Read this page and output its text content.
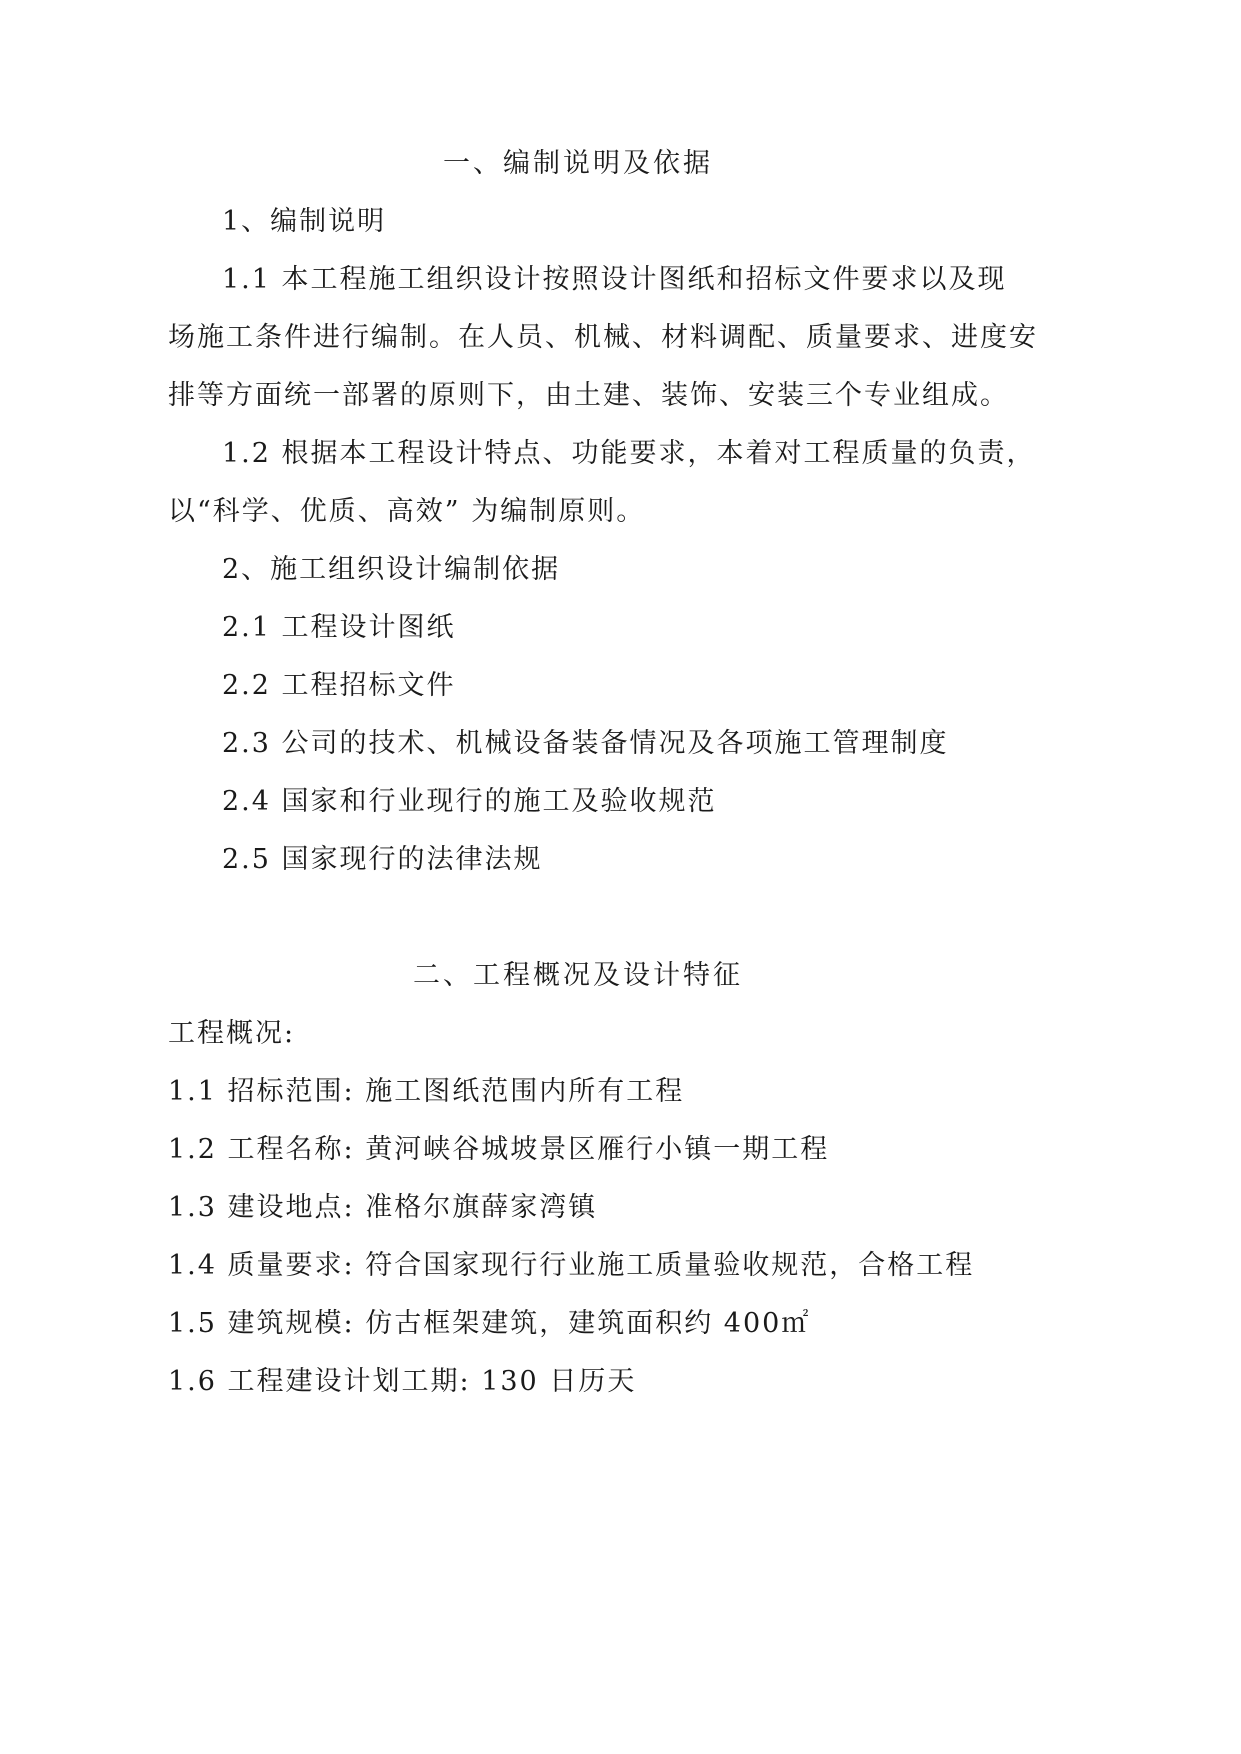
一、编制说明及依据
1、编制说明
1.1 本工程施工组织设计按照设计图纸和招标文件要求以及现
场施工条件进行编制。在人员、机械、材料调配、质量要求、进度安
排等方面统一部署的原则下，由土建、装饰、安装三个专业组成。
1.2 根据本工程设计特点、功能要求，本着对工程质量的负责，
以“科学、优质、高效” 为编制原则。
2、施工组织设计编制依据
2.1 工程设计图纸
2.2 工程招标文件
2.3 公司的技术、机械设备装备情况及各项施工管理制度
2.4 国家和行业现行的施工及验收规范
2.5 国家现行的法律法规
二、工程概况及设计特征
工程概况:
1.1 招标范围: 施工图纸范围内所有工程
1.2 工程名称: 黄河峡谷城坡景区雁行小镇一期工程
1.3 建设地点: 准格尔旗薛家湾镇
1.4 质量要求: 符合国家现行行业施工质量验收规范，合格工程
1.5 建筑规模: 仿古框架建筑，建筑面积约 400㎡
1.6 工程建设计划工期: 130 日历天
